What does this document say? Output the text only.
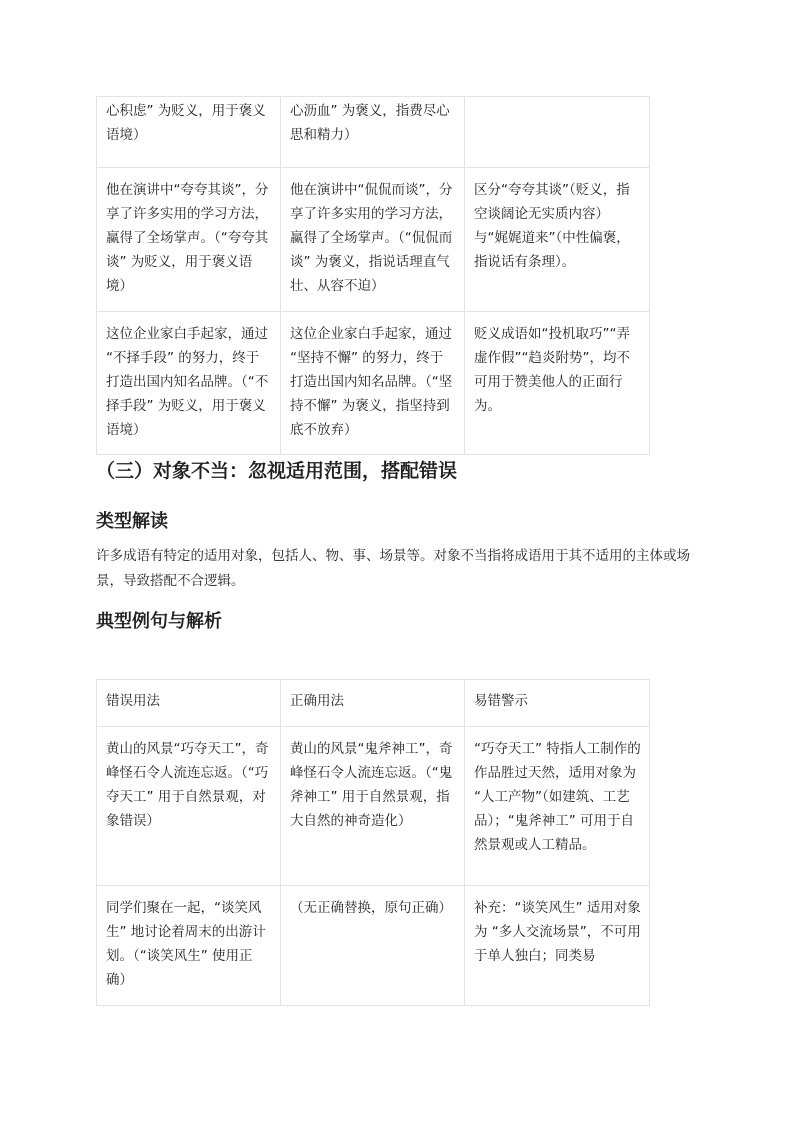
心积虑” 为贬义，用于褒义语境）	心沥血” 为褒义，指费尽心思和精力）	
他在演讲中“夸夸其谈”，分享了许多实用的学习方法，赢得了全场掌声。（“夸夸其谈” 为贬义，用于褒义语境）	他在演讲中“侃侃而谈”，分享了许多实用的学习方法，赢得了全场掌声。（“侃侃而谈” 为褒义，指说话理直气壮、从容不迫）	区分“夸夸其谈”（贬义，指空谈阔论无实质内容）与“娓娓道来”（中性偏褒，指说话有条理）。
这位企业家白手起家，通过 “不择手段” 的努力，终于打造出国内知名品牌。（“不择手段” 为贬义，用于褒义语境）	这位企业家白手起家，通过 “坚持不懈” 的努力，终于打造出国内知名品牌。（“坚持不懈” 为褒义，指坚持到底不放弃）	贬义成语如“投机取巧”“弄虚作假”“趋炎附势”，均不可用于赞美他人的正面行为。
（三）对象不当：忽视适用范围，搭配错误
类型解读

许多成语有特定的适用对象，包括人、物、事、场景等。对象不当指将成语用于其不适用的主体或场景，导致搭配不合逻辑。

典型例句与解析
错误用法	正确用法	易错警示
黄山的风景“巧夺天工”，奇峰怪石令人流连忘返。（“巧夺天工” 用于自然景观，对象错误）	黄山的风景“鬼斧神工”，奇峰怪石令人流连忘返。（“鬼斧神工” 用于自然景观，指大自然的神奇造化）	“巧夺天工” 特指人工制作的作品胜过天然，适用对象为 “人工产物”（如建筑、工艺品）；“鬼斧神工” 可用于自然景观或人工精品。
同学们聚在一起，“谈笑风生” 地讨论着周末的出游计划。（“谈笑风生” 使用正确）	（无正确替换，原句正确）	补充：“谈笑风生” 适用对象为 “多人交流场景”，不可用于单人独白；同类易
